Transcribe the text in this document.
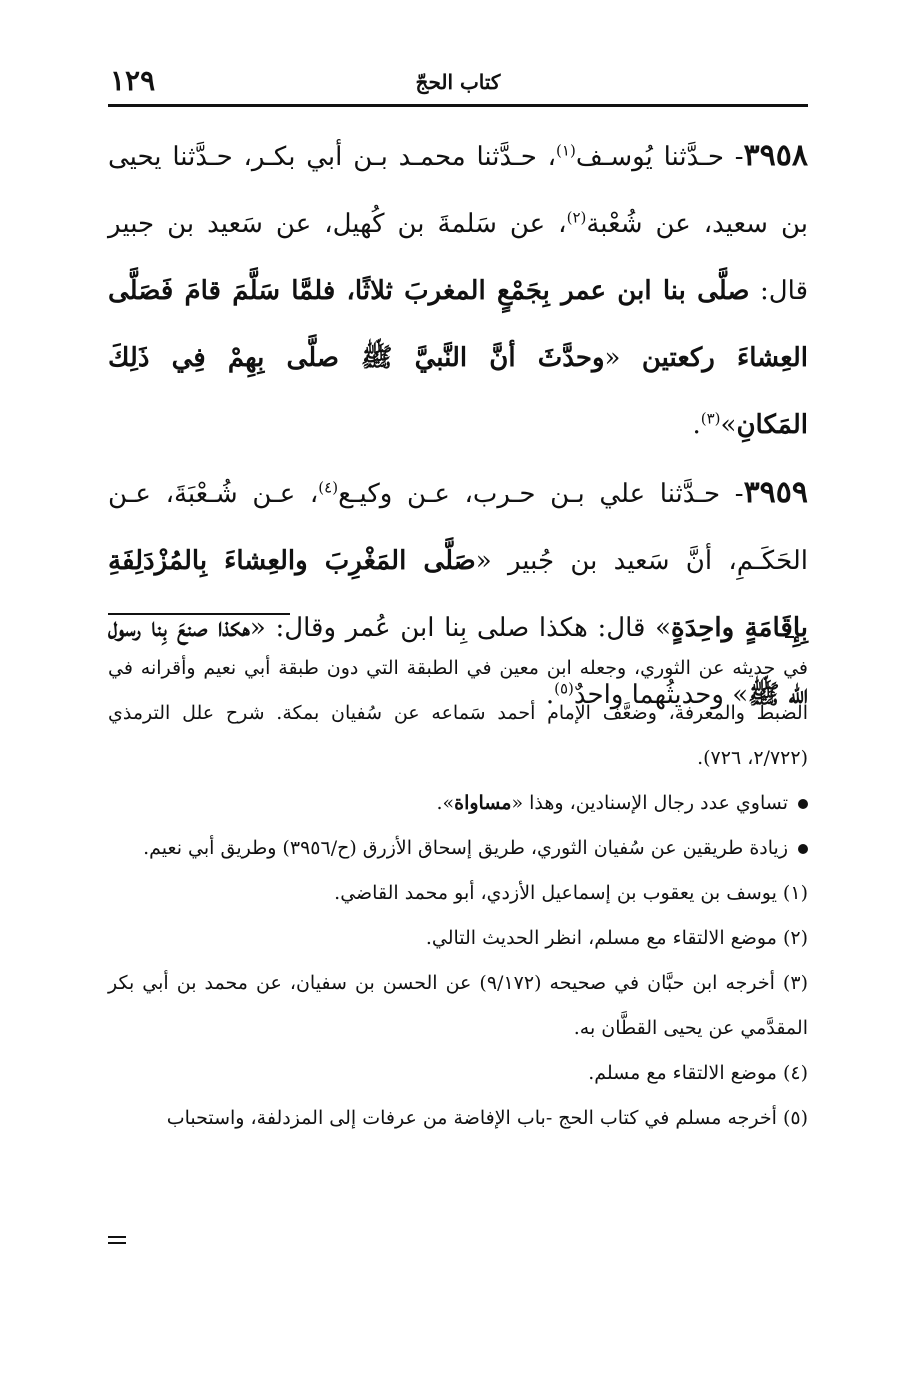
كتاب الحجّ
١٢٩

٣٩٥٨- حـدَّثنا يُوسـف$^{(١)}$، حـدَّثنا محمـد بـن أبي بكـر، حـدَّثنا يحيى بن سعيد، عن شُعْبة$^{(٢)}$، عن سَلمةَ بن كُهيل، عن سَعيد بن جبير قال: صلَّى بنا ابن عمر بِجَمْعٍ المغربَ ثلاثًا، فلمَّا سَلَّمَ قامَ فَصَلَّى العِشاءَ ركعتين «وحدَّثَ أنَّ النَّبيَّ ﷺ صلَّى بِهِمْ فِي ذَلِكَ المَكانِ»$^{(٣)}$.

٣٩٥٩- حـدَّثنا علي بـن حـرب، عـن وكيـع$^{(٤)}$، عـن شُـعْبَةَ، عـن الحَكَـمِ، أنَّ سَعيد بن جُبير «صَلَّى المَغْرِبَ والعِشاءَ بِالمُزْدَلِفَةِ بِإِقَامَةٍ واحِدَةٍ» قال: هكذا صلى بِنا ابن عُمر وقال: «هكذا صنعَ بِنا رسول الله ﷺ» وحديثُهما واحدٌ$^{(٥)}$.

في حديثه عن الثوري، وجعله ابن معين في الطبقة التي دون طبقة أبي نعيم وأقرانه في الضبط والمعرفة، وضعَّف الإمام أحمد سَماعه عن سُفيان بمكة. شرح علل الترمذي (٢/٧٢٢، ٧٢٦).

تساوي عدد رجال الإسنادين، وهذا «مساواة».

زيادة طريقين عن سُفيان الثوري، طريق إسحاق الأزرق (ح/٣٩٥٦) وطريق أبي نعيم.

(١) يوسف بن يعقوب بن إسماعيل الأزدي، أبو محمد القاضي.

(٢) موضع الالتقاء مع مسلم، انظر الحديث التالي.

(٣) أخرجه ابن حبَّان في صحيحه (٩/١٧٢) عن الحسن بن سفيان، عن محمد بن أبي بكر المقدَّمي عن يحيى القطَّان به.

(٤) موضع الالتقاء مع مسلم.

(٥) أخرجه مسلم في كتاب الحج -باب الإفاضة من عرفات إلى المزدلفة، واستحباب
